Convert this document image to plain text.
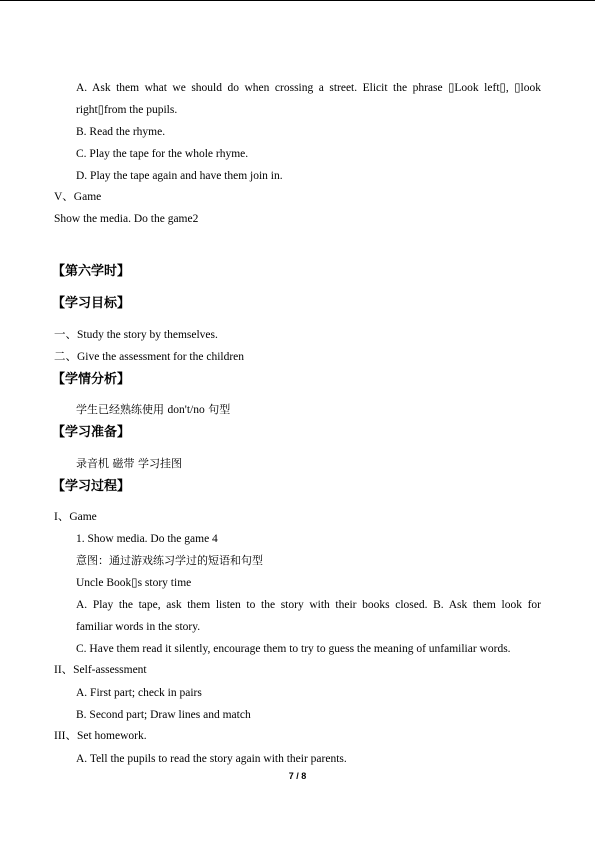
A. Ask them what we should do when crossing a street. Elicit the phrase ▯Look left▯, ▯look
right▯from the pupils.
B. Read the rhyme.
C. Play the tape for the whole rhyme.
D. Play the tape again and have them join in.
V、Game
Show the media. Do the game2
【第六学时】
【学习目标】
一、Study the story by themselves.
二、Give the assessment for the children
【学情分析】
学生已经熟练使用 don't/no 句型
【学习准备】
录音机 磁带 学习挂图
【学习过程】
I、Game
1. Show media. Do the game 4
意图：通过游戏练习学过的短语和句型
Uncle Book▯s story time
A. Play the tape, ask them listen to the story with their books closed. B. Ask them look for
familiar words in the story.
C. Have them read it silently, encourage them to try to guess the meaning of unfamiliar words.
II、Self-assessment
A. First part; check in pairs
B. Second part; Draw lines and match
III、Set homework.
A. Tell the pupils to read the story again with their parents.
7 / 8
